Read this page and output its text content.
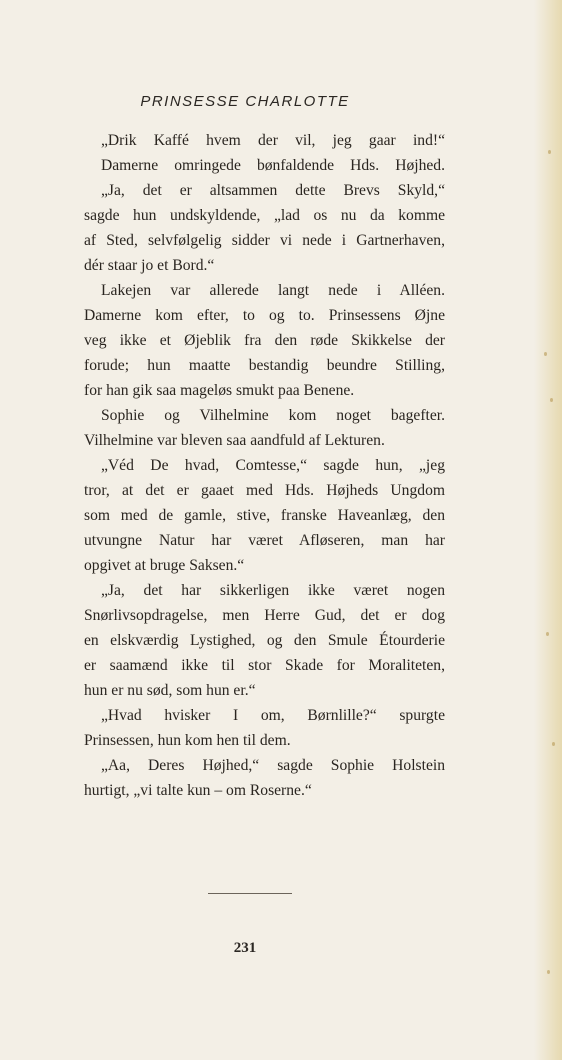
PRINSESSE CHARLOTTE
„Drik Kaffé hvem der vil, jeg gaar ind!“
Damerne omringede bønfaldende Hds. Højhed.
„Ja, det er altsammen dette Brevs Skyld,“
sagde hun undskyldende, „lad os nu da komme
af Sted, selvfølgelig sidder vi nede i Gartnerhaven,
dér staar jo et Bord.“
Lakejen var allerede langt nede i Alléen.
Damerne kom efter, to og to. Prinsessens Øjne
veg ikke et Øjeblik fra den røde Skikkelse der
forude; hun maatte bestandig beundre Stilling,
for han gik saa mageløs smukt paa Benene.
Sophie og Vilhelmine kom noget bagefter.
Vilhelmine var bleven saa aandfuld af Lekturen.
„Véd De hvad, Comtesse,“ sagde hun, „jeg
tror, at det er gaaet med Hds. Højheds Ungdom
som med de gamle, stive, franske Haveanlæg, den
utvungne Natur har været Afløseren, man har
opgivet at bruge Saksen.“
„Ja, det har sikkerligen ikke været nogen
Snørlivsopdragelse, men Herre Gud, det er dog
en elskværdig Lystighed, og den Smule Étourderie
er saamænd ikke til stor Skade for Moraliteten,
hun er nu sød, som hun er.“
„Hvad hvisker I om, Børnlille?“ spurgte
Prinsessen, hun kom hen til dem.
„Aa, Deres Højhed,“ sagde Sophie Holstein
hurtigt, „vi talte kun – om Roserne.“
231
